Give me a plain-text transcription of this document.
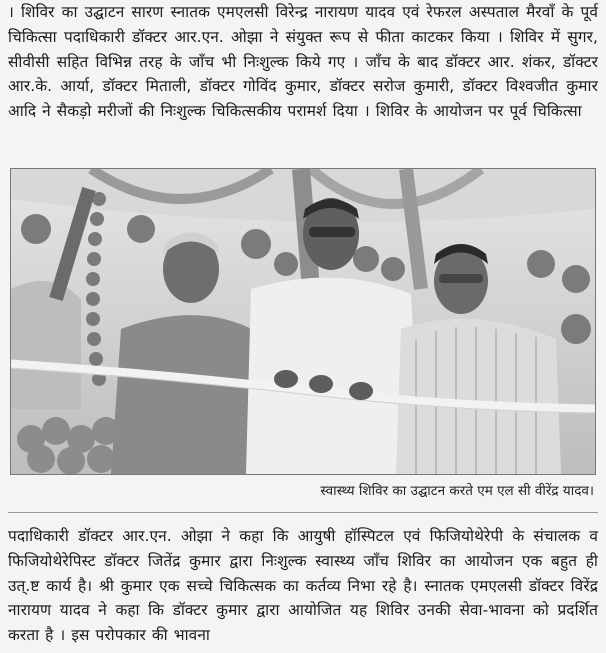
। शिविर का उद्घाटन सारण स्नातक एमएलसी विरेन्द्र नारायण यादव एवं रेफरल अस्पताल मैरवाँ के पूर्व चिकित्सा पदाधिकारी डॉक्टर आर.एन. ओझा ने संयुक्त रूप से फीता काटकर किया । शिविर में सुगर, सीवीसी सहित विभिन्न तरह के जाँच भी निःशुल्क किये गए । जाँच के बाद डॉक्टर आर. शंकर, डॉक्टर आर.के. आर्या, डॉक्टर मिताली, डॉक्टर गोविंद कुमार, डॉक्टर सरोज कुमारी, डॉक्टर विश्वजीत कुमार आदि ने सैकड़ो मरीजों की निःशुल्क चिकित्सकीय परामर्श दिया । शिविर के आयोजन पर पूर्व चिकित्सा

स्वास्थ्य शिविर का उद्घाटन करते एम एल सी वीरेंद्र यादव।

पदाधिकारी डॉक्टर आर.एन. ओझा ने कहा कि आयुषी हॉस्पिटल एवं फिजियोथेरेपी के संचालक व फिजियोथेरेपिस्ट डॉक्टर जितेंद्र कुमार द्वारा निःशुल्क स्वास्थ्य जाँच शिविर का आयोजन एक बहुत ही उत्.ष्ट कार्य है। श्री कुमार एक सच्चे चिकित्सक का कर्तव्य निभा रहे है। स्नातक एमएलसी डॉक्टर विरेंद्र नारायण यादव ने कहा कि डॉक्टर कुमार द्वारा आयोजित यह शिविर उनकी सेवा-भावना को प्रदर्शित करता है । इस परोपकार की भावना
